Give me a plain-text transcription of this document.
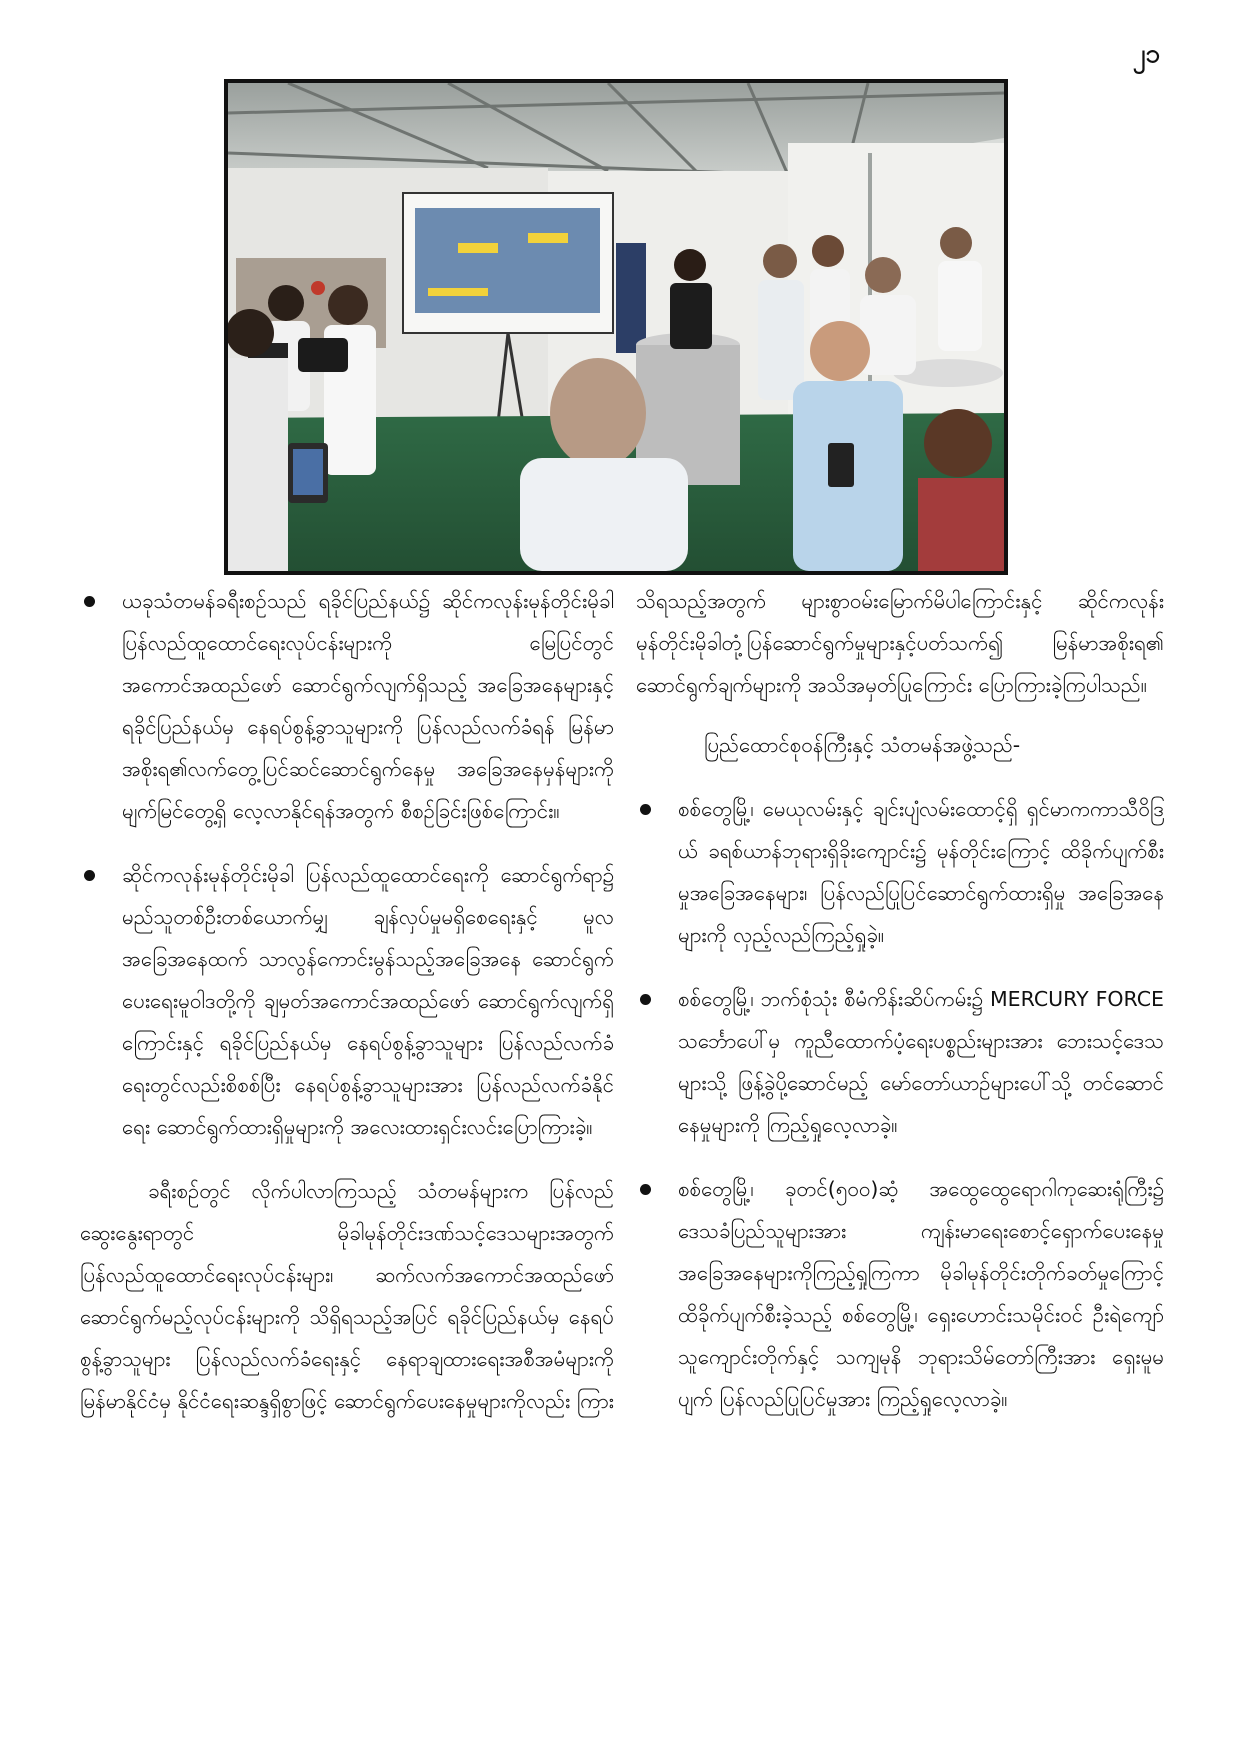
၂၁
ယခုသံတမန်ခရီးစဉ်သည် ရခိုင်ပြည်နယ်၌ ဆိုင်ကလုန်းမုန်တိုင်းမိုခါ ပြန်လည်ထူထောင်ရေးလုပ်ငန်းများကို မြေပြင်တွင် အကောင်အထည်ဖော် ဆောင်ရွက်လျက်ရှိသည့် အခြေအနေများနှင့် ရခိုင်ပြည်နယ်မှ နေရပ်စွန့်ခွာသူများကို ပြန်လည်လက်ခံရန် မြန်မာအစိုးရ၏လက်တွေ့ပြင်ဆင်ဆောင်ရွက်နေမှု အခြေအနေမှန်များကို မျက်မြင်တွေ့ရှိ လေ့လာနိုင်ရန်အတွက် စီစဉ်ခြင်းဖြစ်ကြောင်း။
ဆိုင်ကလုန်းမုန်တိုင်းမိုခါ ပြန်လည်ထူထောင်ရေးကို ဆောင်ရွက်ရာ၌ မည်သူတစ်ဦးတစ်ယောက်မျှ ချန်လှပ်မှုမရှိစေရေးနှင့် မူလအခြေအနေထက် သာလွန်ကောင်းမွန်သည့်အခြေအနေ ဆောင်ရွက်ပေးရေးမူဝါဒတို့ကို ချမှတ်အကောင်အထည်ဖော် ဆောင်ရွက်လျက်ရှိကြောင်းနှင့် ရခိုင်ပြည်နယ်မှ နေရပ်စွန့်ခွာသူများ ပြန်လည်လက်ခံရေးတွင်လည်းစိစစ်ပြီး နေရပ်စွန့်ခွာသူများအား ပြန်လည်လက်ခံနိုင်ရေး ဆောင်ရွက်ထားရှိမှုများကို အလေးထားရှင်းလင်းပြောကြားခဲ့။

ခရီးစဉ်တွင် လိုက်ပါလာကြသည့် သံတမန်များက ပြန်လည်ဆွေးနွေးရာတွင် မိုခါမုန်တိုင်းဒဏ်သင့်ဒေသများအတွက် ပြန်လည်ထူထောင်ရေးလုပ်ငန်းများ၊ ဆက်လက်အကောင်အထည်ဖော် ဆောင်ရွက်မည့်လုပ်ငန်းများကို သိရှိရသည့်အပြင် ရခိုင်ပြည်နယ်မှ နေရပ်စွန့်ခွာသူများ ပြန်လည်လက်ခံရေးနှင့် နေရာချထားရေးအစီအမံများကို မြန်မာနိုင်ငံမှ နိုင်ငံရေးဆန္ဒရှိစွာဖြင့် ဆောင်ရွက်ပေးနေမှုများကိုလည်း ကြား

သိရသည့်အတွက် များစွာဝမ်းမြောက်မိပါကြောင်းနှင့် ဆိုင်ကလုန်းမုန်တိုင်းမိုခါတုံ့ပြန်ဆောင်ရွက်မှုများနှင့်ပတ်သက်၍ မြန်မာအစိုးရ၏ ဆောင်ရွက်ချက်များကို အသိအမှတ်ပြုကြောင်း ပြောကြားခဲ့ကြပါသည်။

ပြည်ထောင်စုဝန်ကြီးနှင့် သံတမန်အဖွဲ့သည်-

စစ်တွေမြို့၊ မေယုလမ်းနှင့် ချင်းပျံလမ်းထောင့်ရှိ ရှင်မာကကာသီဝိဒြယ် ခရစ်ယာန်ဘုရားရှိခိုးကျောင်း၌ မုန်တိုင်းကြောင့် ထိခိုက်ပျက်စီးမှုအခြေအနေများ၊ ပြန်လည်ပြုပြင်ဆောင်ရွက်ထားရှိမှု အခြေအနေများကို လှည့်လည်ကြည့်ရှုခဲ့။
စစ်တွေမြို့၊ ဘက်စုံသုံး စီမံကိန်းဆိပ်ကမ်း၌ MERCURY FORCE သင်္ဘောပေါ်မှ ကူညီထောက်ပံ့ရေးပစ္စည်းများအား ဘေးသင့်ဒေသများသို့ ဖြန့်ခွဲပို့ဆောင်မည့် မော်တော်ယာဉ်များပေါ်သို့ တင်ဆောင်နေမှုများကို ကြည့်ရှုလေ့လာခဲ့။
စစ်တွေမြို့၊ ခုတင်(၅၀၀)ဆံ့ အထွေထွေရောဂါကုဆေးရုံကြီး၌ ဒေသခံပြည်သူများအား ကျန်းမာရေးစောင့်ရှောက်ပေးနေမှု အခြေအနေများကိုကြည့်ရှုကြကာ မိုခါမုန်တိုင်းတိုက်ခတ်မှုကြောင့် ထိခိုက်ပျက်စီးခဲ့သည့် စစ်တွေမြို့၊ ရှေးဟောင်းသမိုင်းဝင် ဦးရဲကျော်သူကျောင်းတိုက်နှင့် သကျမုနိ ဘုရားသိမ်တော်ကြီးအား ရှေးမူမပျက် ပြန်လည်ပြုပြင်မှုအား ကြည့်ရှုလေ့လာခဲ့။
